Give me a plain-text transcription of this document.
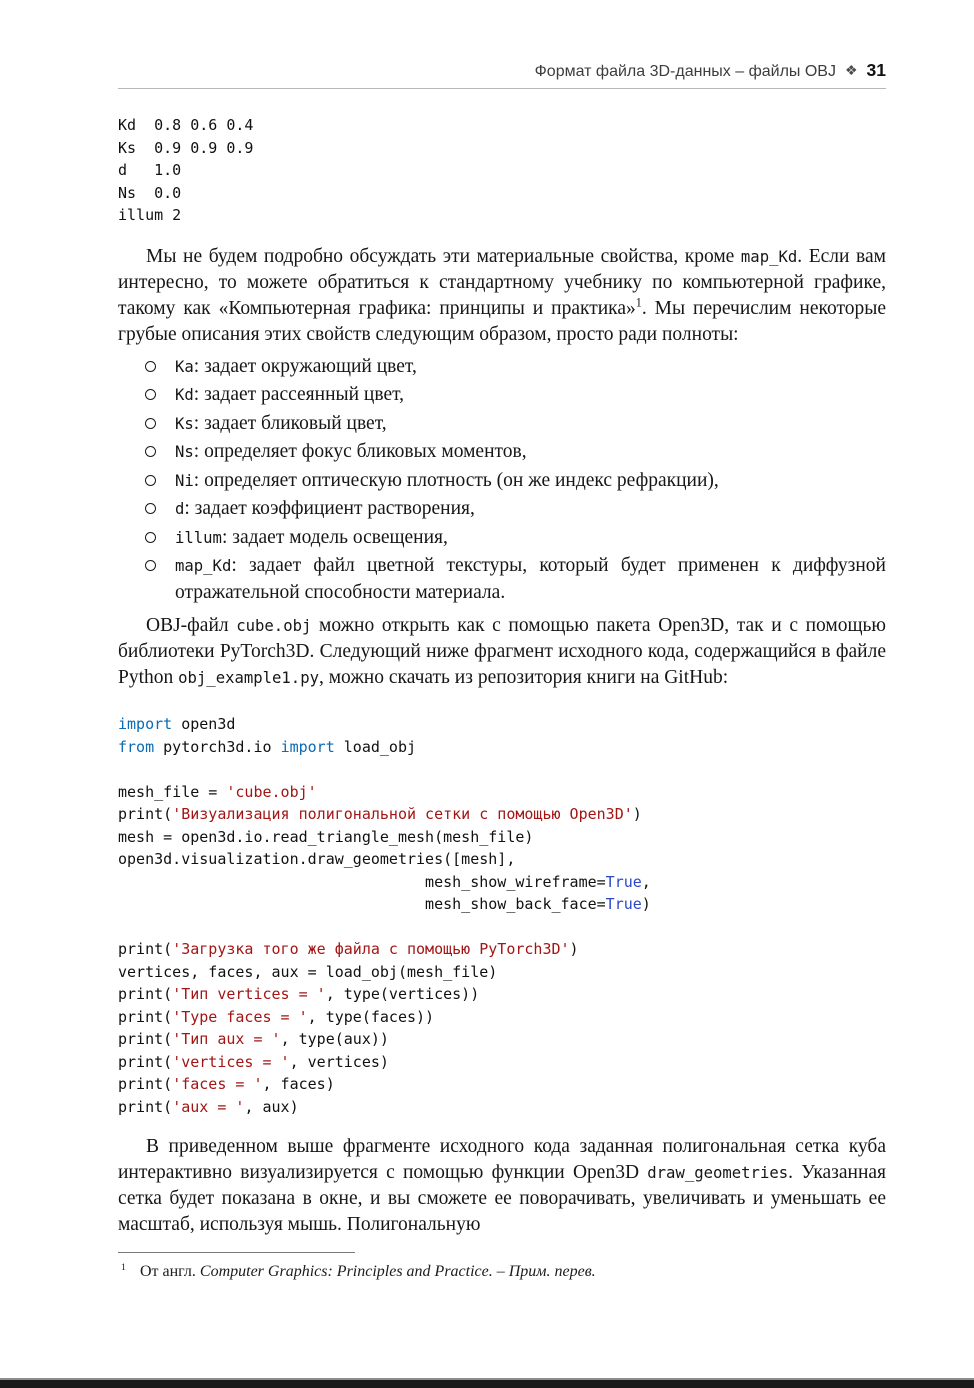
Формат файла 3D-данных – файлы OBJ ❖ 31
Kd  0.8 0.6 0.4
Ks  0.9 0.9 0.9
d   1.0
Ns  0.0
illum 2

Мы не будем подробно обсуждать эти материальные свойства, кроме map_Kd. Если вам интересно, то можете обратиться к стандартному учебнику по компьютерной графике, такому как «Компьютерная графика: принципы и практика»$^1$. Мы перечислим некоторые грубые описания этих свойств следующим образом, просто ради полноты:

Ka: задает окружающий цвет,
Kd: задает рассеянный цвет,
Ks: задает бликовый цвет,
Ns: определяет фокус бликовых моментов,
Ni: определяет оптическую плотность (он же индекс рефракции),
d: задает коэффициент растворения,
illum: задает модель освещения,
map_Kd: задает файл цветной текстуры, который будет применен к диффузной отражательной способности материала.

OBJ-файл cube.obj можно открыть как с помощью пакета Open3D, так и с помощью библиотеки PyTorch3D. Следующий ниже фрагмент исходного кода, содержащийся в файле Python obj_example1.py, можно скачать из репозитория книги на GitHub:

import open3d
from pytorch3d.io import load_obj

mesh_file = 'cube.obj'
print('Визуализация полигональной сетки с помощью Open3D')
mesh = open3d.io.read_triangle_mesh(mesh_file)
open3d.visualization.draw_geometries([mesh],
mesh_show_wireframe=True,
mesh_show_back_face=True)

print('Загрузка того же файла с помощью PyTorch3D')
vertices, faces, aux = load_obj(mesh_file)
print('Тип vertices = ', type(vertices))
print('Type faces = ', type(faces))
print('Тип aux = ', type(aux))
print('vertices = ', vertices)
print('faces = ', faces)
print('aux = ', aux)

В приведенном выше фрагменте исходного кода заданная полигональная сетка куба интерактивно визуализируется с помощью функции Open3D draw_geometries. Указанная сетка будет показана в окне, и вы сможете ее поворачивать, увеличивать и уменьшать ее масштаб, используя мышь. Полигональную

$^1$ От англ. Computer Graphics: Principles and Practice. – Прим. перев.
